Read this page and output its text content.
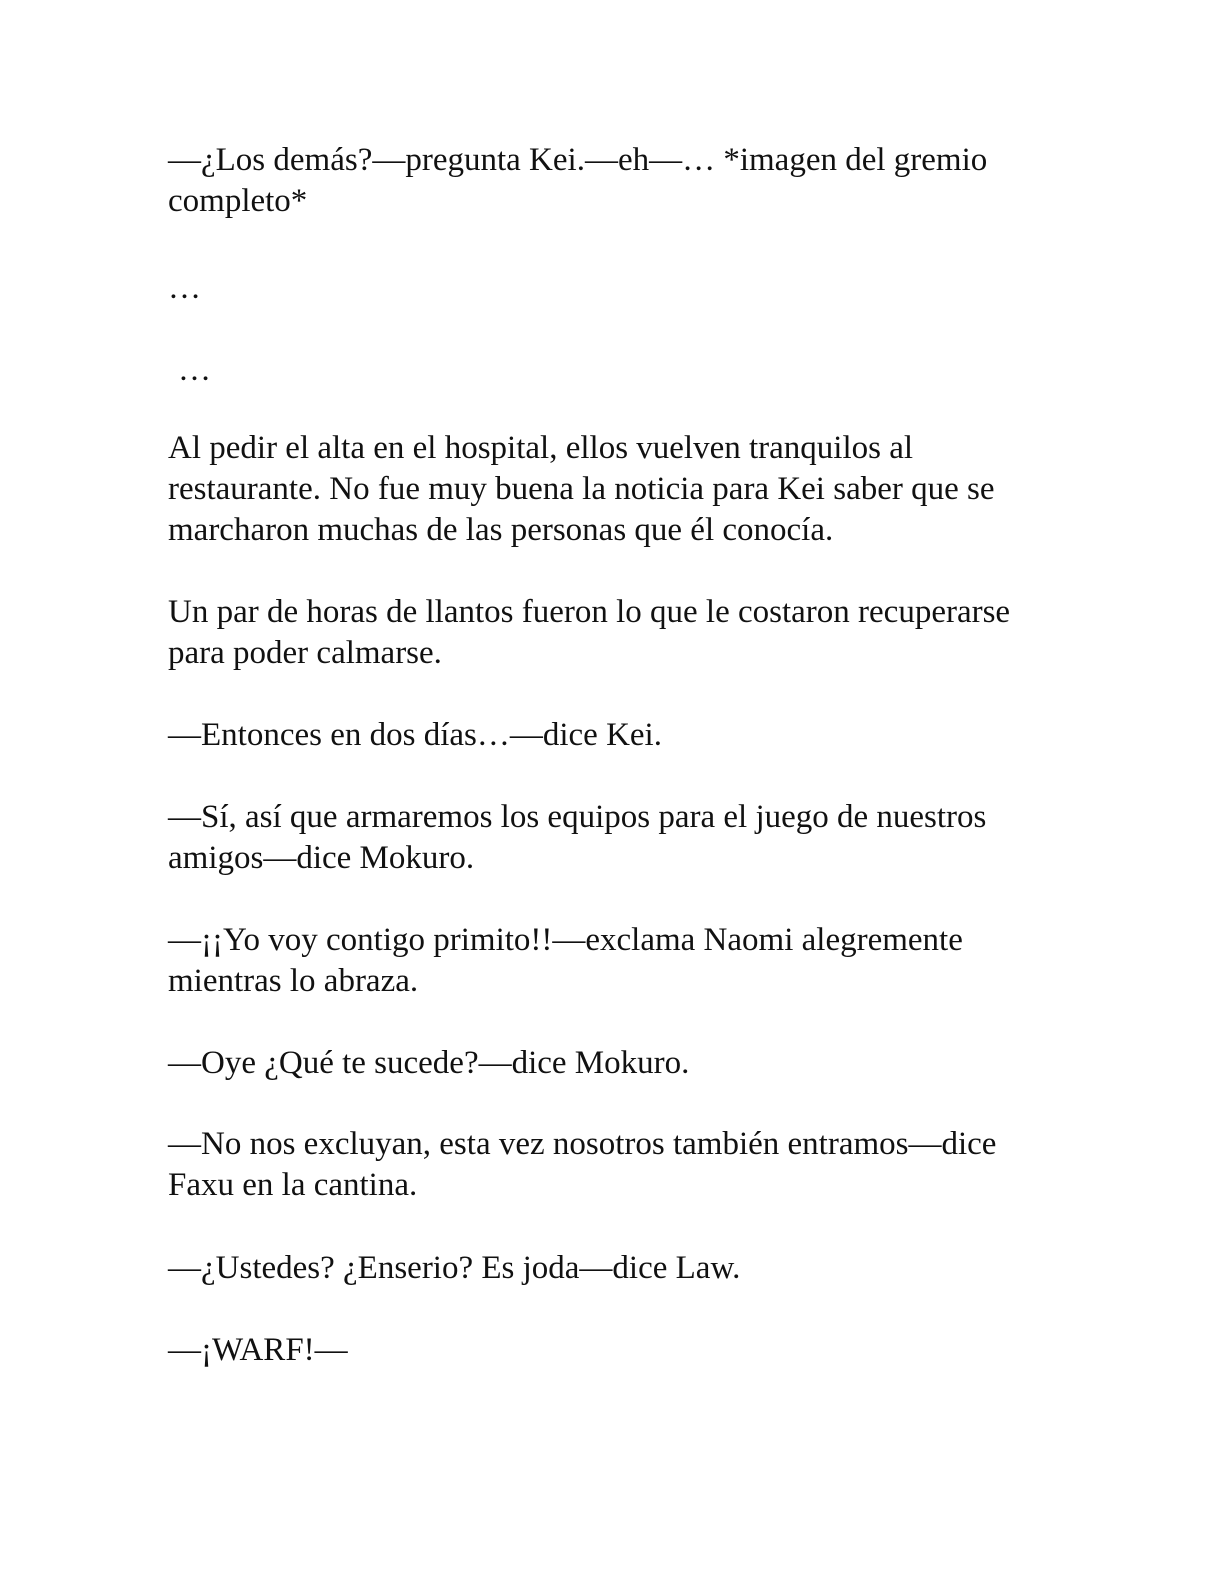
—¿Los demás?—pregunta Kei.—eh—… *imagen del gremio completo*

…

…

Al pedir el alta en el hospital, ellos vuelven tranquilos al restaurante. No fue muy buena la noticia para Kei saber que se marcharon muchas de las personas que él conocía.

Un par de horas de llantos fueron lo que le costaron recuperarse para poder calmarse.

—Entonces en dos días…—dice Kei.

—Sí, así que armaremos los equipos para el juego de nuestros amigos—dice Mokuro.

—¡¡Yo voy contigo primito!!—exclama Naomi alegremente mientras lo abraza.

—Oye ¿Qué te sucede?—dice Mokuro.

—No nos excluyan, esta vez nosotros también entramos—dice Faxu en la cantina.

—¿Ustedes? ¿Enserio? Es joda—dice Law.

—¡WARF!—
